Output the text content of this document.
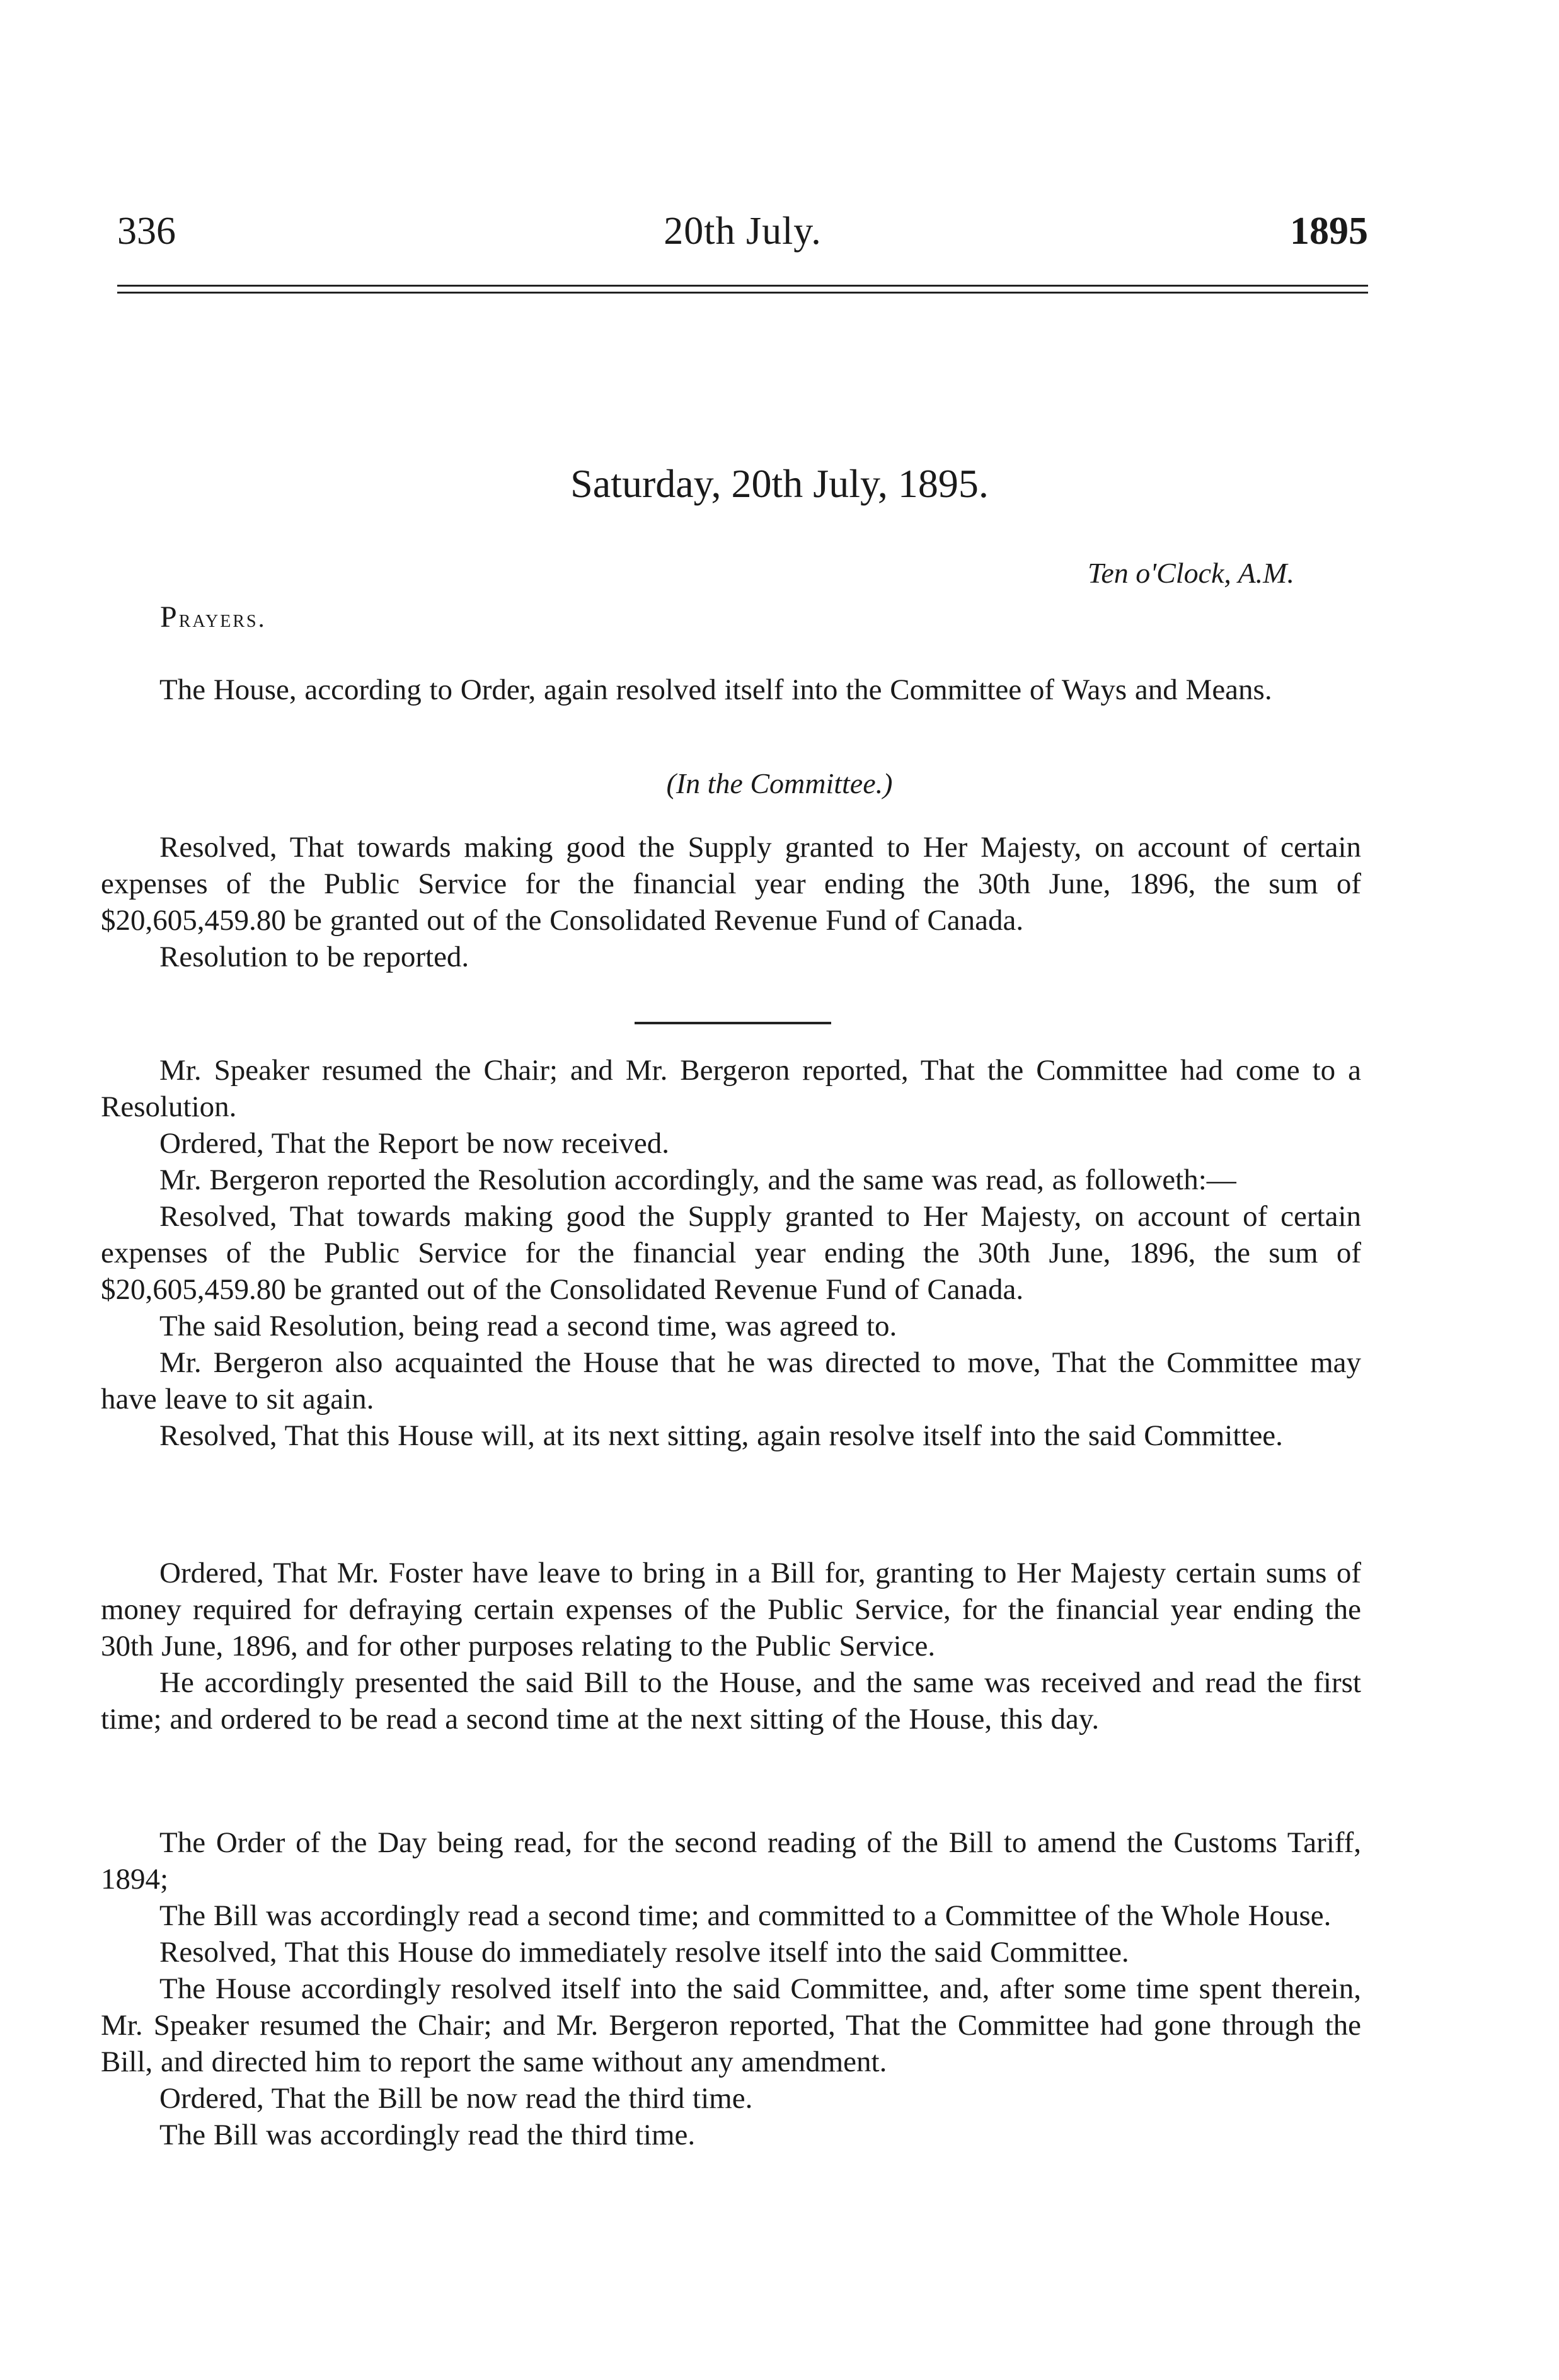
336	20th July.	1895
Saturday, 20th July, 1895.
Ten o'Clock, A.M.
Prayers.

The House, according to Order, again resolved itself into the Committee of Ways and Means.

(In the Committee.)

Resolved, That towards making good the Supply granted to Her Majesty, on account of certain expenses of the Public Service for the financial year ending the 30th June, 1896, the sum of $20,605,459.80 be granted out of the Consolidated Revenue Fund of Canada.

Resolution to be reported.

Mr. Speaker resumed the Chair; and Mr. Bergeron reported, That the Committee had come to a Resolution.

Ordered, That the Report be now received.

Mr. Bergeron reported the Resolution accordingly, and the same was read, as followeth:—

Resolved, That towards making good the Supply granted to Her Majesty, on account of certain expenses of the Public Service for the financial year ending the 30th June, 1896, the sum of $20,605,459.80 be granted out of the Consolidated Revenue Fund of Canada.

The said Resolution, being read a second time, was agreed to.

Mr. Bergeron also acquainted the House that he was directed to move, That the Committee may have leave to sit again.

Resolved, That this House will, at its next sitting, again resolve itself into the said Committee.

Ordered, That Mr. Foster have leave to bring in a Bill for, granting to Her Majesty certain sums of money required for defraying certain expenses of the Public Service, for the financial year ending the 30th June, 1896, and for other purposes relating to the Public Service.

He accordingly presented the said Bill to the House, and the same was received and read the first time; and ordered to be read a second time at the next sitting of the House, this day.

The Order of the Day being read, for the second reading of the Bill to amend the Customs Tariff, 1894;

The Bill was accordingly read a second time; and committed to a Committee of the Whole House.

Resolved, That this House do immediately resolve itself into the said Committee.

The House accordingly resolved itself into the said Committee, and, after some time spent therein, Mr. Speaker resumed the Chair; and Mr. Bergeron reported, That the Committee had gone through the Bill, and directed him to report the same without any amendment.

Ordered, That the Bill be now read the third time.

The Bill was accordingly read the third time.
